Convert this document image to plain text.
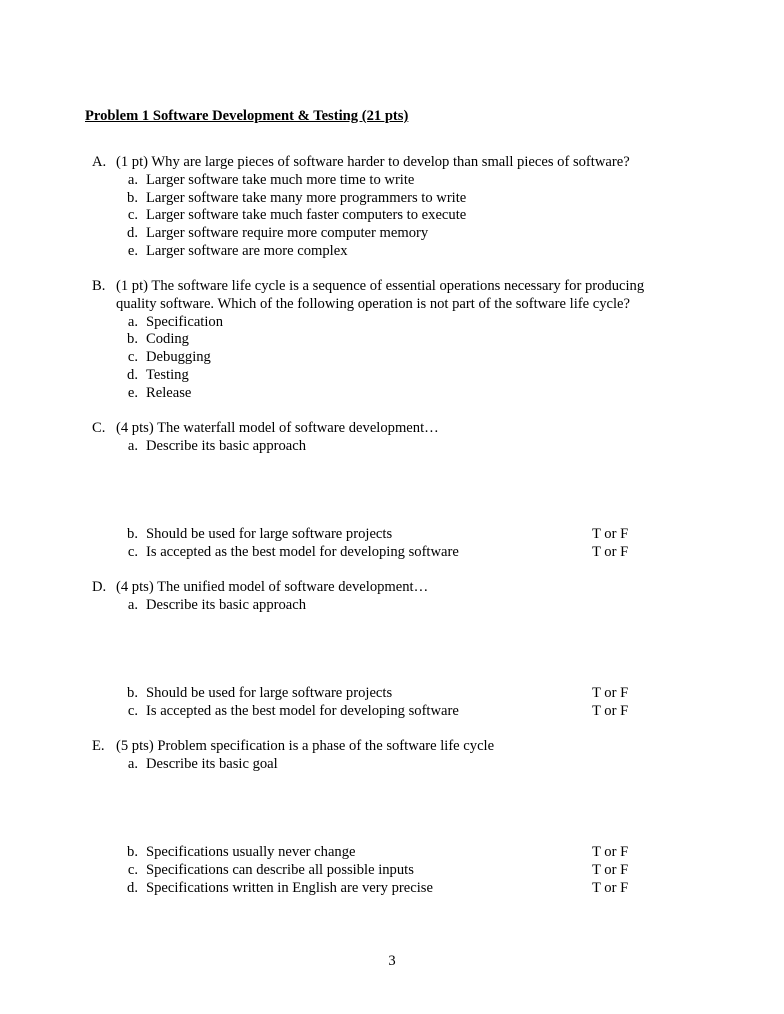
Problem 1 Software Development & Testing (21 pts)
A. (1 pt) Why are large pieces of software harder to develop than small pieces of software?
a. Larger software take much more time to write
b. Larger software take many more programmers to write
c. Larger software take much faster computers to execute
d. Larger software require more computer memory
e. Larger software are more complex
B. (1 pt) The software life cycle is a sequence of essential operations necessary for producing
quality software. Which of the following operation is not part of the software life cycle?
a. Specification
b. Coding
c. Debugging
d. Testing
e. Release
C. (4 pts) The waterfall model of software development…
a. Describe its basic approach
b. Should be used for large software projects
c. Is accepted as the best model for developing software
T or F
T or F
D. (4 pts) The unified model of software development…
a. Describe its basic approach
b. Should be used for large software projects
c. Is accepted as the best model for developing software
T or F
T or F
E. (5 pts) Problem specification is a phase of the software life cycle
a. Describe its basic goal
b. Specifications usually never change
c. Specifications can describe all possible inputs
d. Specifications written in English are very precise
T or F
T or F
T or F
3
